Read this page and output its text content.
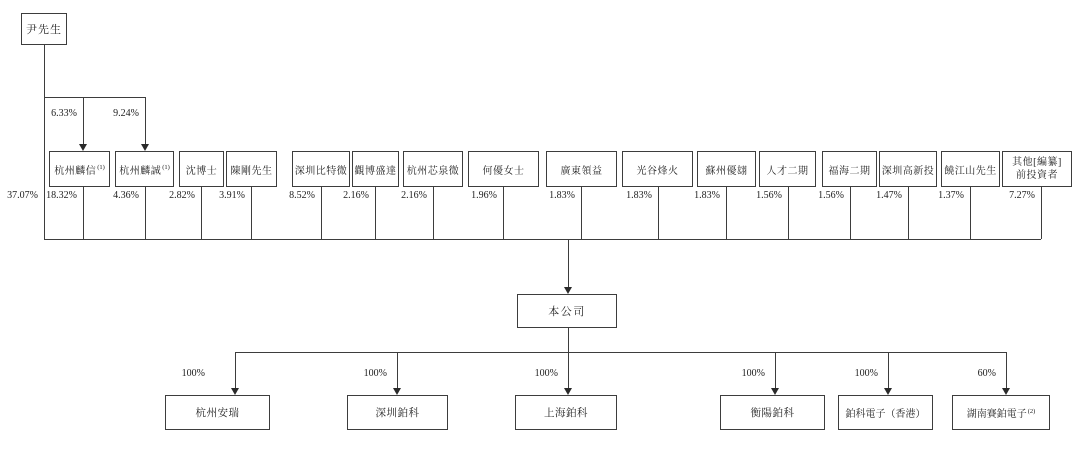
尹先生
6.33%	9.24%
37.07%
杭州麟信$^{(1)}$
18.32%
杭州麟誠$^{(1)}$
4.36%
沈博士
2.82%
陳剛先生
3.91%
深圳比特微
8.52%
觀博盛達
2.16%
杭州芯泉微
2.16%
何優女士
1.96%
廣東領益
1.83%
光谷烽火
1.83%
蘇州優翃
1.83%
人才二期
1.56%
福海二期
1.56%
深圳高新投
1.47%
饒江山先生
1.37%
其他[編纂]前投資者
7.27%
本公司
100%
杭州安瑞
100%
深圳鉑科
100%
上海鉑科
100%
衡陽鉑科
100%
鉑科電子（香港）
60%
湖南賽鉑電子$^{(2)}$
